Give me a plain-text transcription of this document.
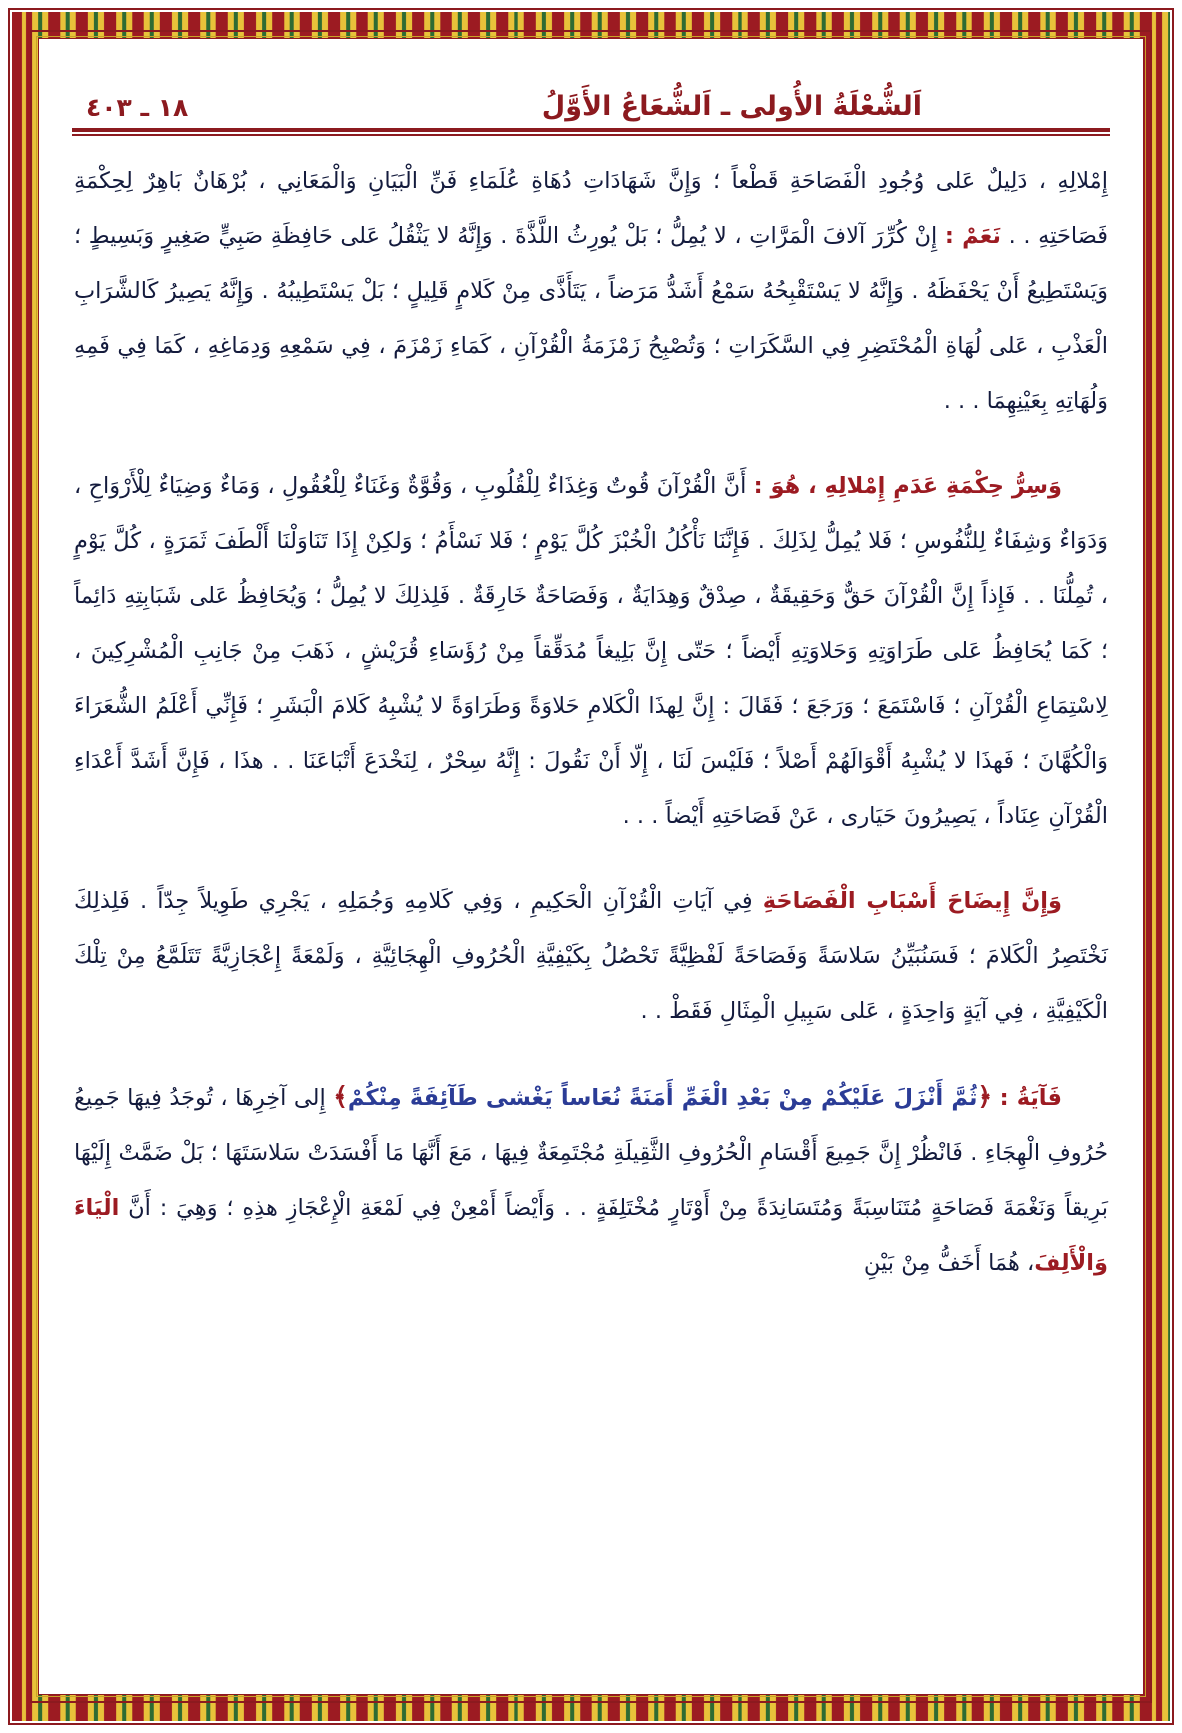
اَلشُّعْلَةُ الأُولى ـ اَلشُّعَاعُ الأَوَّلُ
١٨ ـ ٤٠٣

إِمْلالِهِ ، دَلِيلٌ عَلى وُجُودِ الْفَصَاحَةِ قَطْعاً ؛ وَإِنَّ شَهَادَاتِ دُهَاةِ عُلَمَاءِ فَنِّ الْبَيَانِ وَالْمَعَانِي ، بُرْهَانٌ بَاهِرٌ لِحِكْمَةِ فَصَاحَتِهِ . . نَعَمْ : إِنْ كُرِّرَ آلافَ الْمَرَّاتِ ، لا يُمِلُّ ؛ بَلْ يُورِثُ اللَّذَّةَ . وَإِنَّهُ لا يَثْقُلُ عَلى حَافِظَةِ صَبِيٍّ صَغِيرٍ وَبَسِيطٍ ؛ وَيَسْتَطِيعُ أَنْ يَحْفَظَهُ . وَإِنَّهُ لا يَسْتَقْبِحُهُ سَمْعُ أَشَدُّ مَرَضاً ، يَتَأَذَّى مِنْ كَلامٍ قَلِيلٍ ؛ بَلْ يَسْتَطِيبُهُ . وَإِنَّهُ يَصِيرُ كَالشَّرَابِ الْعَذْبِ ، عَلى لُهَاةِ الْمُحْتَضِرِ فِي السَّكَرَاتِ ؛ وَتُصْبِحُ زَمْزَمَةُ الْقُرْآنِ ، كَمَاءِ زَمْزَمَ ، فِي سَمْعِهِ وَدِمَاغِهِ ، كَمَا فِي فَمِهِ وَلُهَاتِهِ بِعَيْنِهِمَا . . .

وَسِرُّ حِكْمَةِ عَدَمِ إِمْلالِهِ ، هُوَ : أَنَّ الْقُرْآنَ قُوتٌ وَغِذَاءٌ لِلْقُلُوبِ ، وَقُوَّةٌ وَغَنَاءٌ لِلْعُقُولِ ، وَمَاءٌ وَضِيَاءٌ لِلْأَرْوَاحِ ، وَدَوَاءٌ وَشِفَاءٌ لِلنُّفُوسِ ؛ فَلا يُمِلُّ لِذَلِكَ . فَإِنَّنَا نَأْكُلُ الْخُبْزَ كُلَّ يَوْمٍ ؛ فَلا نَسْأَمُ ؛ وَلكِنْ إِذَا تَنَاوَلْنَا أَلْطَفَ ثَمَرَةٍ ، كُلَّ يَوْمٍ ، تُمِلُّنَا . . فَإِذاً إِنَّ الْقُرْآنَ حَقٌّ وَحَقِيقَةٌ ، صِدْقٌ وَهِدَايَةٌ ، وَفَصَاحَةٌ خَارِقَةٌ . فَلِذلِكَ لا يُمِلُّ ؛ وَيُحَافِظُ عَلى شَبَابِتِهِ دَائِماً ؛ كَمَا يُحَافِظُ عَلى طَرَاوَتِهِ وَحَلاوَتِهِ أَيْضاً ؛ حَتّى إِنَّ بَلِيغاً مُدَقِّقاً مِنْ رُؤَسَاءِ قُرَيْشٍ ، ذَهَبَ مِنْ جَانِبِ الْمُشْرِكِينَ ، لِاسْتِمَاعِ الْقُرْآنِ ؛ فَاسْتَمَعَ ؛ وَرَجَعَ ؛ فَقَالَ : إِنَّ لِهذَا الْكَلامِ حَلاوَةً وَطَرَاوَةً لا يُشْبِهُ كَلامَ الْبَشَرِ ؛ فَإِنِّي أَعْلَمُ الشُّعَرَاءَ وَالْكُهَّانَ ؛ فَهذَا لا يُشْبِهُ أَقْوَالَهُمْ أَصْلاً ؛ فَلَيْسَ لَنَا ، إِلّا أَنْ نَقُولَ : إِنَّهُ سِحْرٌ ، لِنَخْدَعَ أَتْبَاعَنَا . . هذَا ، فَإِنَّ أَشَدَّ أَعْدَاءِ الْقُرْآنِ عِنَاداً ، يَصِيرُونَ حَيَارى ، عَنْ فَصَاحَتِهِ أَيْضاً . . .

وَإِنَّ إِيضَاحَ أَسْبَابِ الْفَصَاحَةِ فِي آيَاتِ الْقُرْآنِ الْحَكِيمِ ، وَفِي كَلامِهِ وَجُمَلِهِ ، يَجْرِي طَوِيلاً جِدّاً . فَلِذلِكَ نَخْتَصِرُ الْكَلامَ ؛ فَسَنُبَيِّنُ سَلاسَةً وَفَصَاحَةً لَفْظِيَّةً تَحْصُلُ بِكَيْفِيَّةِ الْحُرُوفِ الْهِجَائِيَّةِ ، وَلَمْعَةً إِعْجَازِيَّةً تَتَلَمَّعُ مِنْ تِلْكَ الْكَيْفِيَّةِ ، فِي آيَةٍ وَاحِدَةٍ ، عَلى سَبِيلِ الْمِثَالِ فَقَطْ . .

فَآيَةُ : ﴿ثُمَّ أَنْزَلَ عَلَيْكُمْ مِنْ بَعْدِ الْغَمِّ أَمَنَةً نُعَاساً يَغْشى طَآئِفَةً مِنْكُمْ﴾ إِلى آخِرِهَا ، تُوجَدُ فِيهَا جَمِيعُ حُرُوفِ الْهِجَاءِ . فَانْظُرْ إِنَّ جَمِيعَ أَقْسَامِ الْحُرُوفِ الثَّقِيلَةِ مُجْتَمِعَةٌ فِيهَا ، مَعَ أَنَّهَا مَا أَفْسَدَتْ سَلاسَتَهَا ؛ بَلْ ضَمَّتْ إِلَيْهَا بَرِيقاً وَنَغْمَةَ فَصَاحَةٍ مُتَنَاسِبَةً وَمُتَسَانِدَةً مِنْ أَوْتَارٍ مُخْتَلِفَةٍ . . وَأَيْضاً أَمْعِنْ فِي لَمْعَةِ الْإِعْجَازِ هذِهِ ؛ وَهِيَ : أَنَّ الْيَاءَ وَالْأَلِفَ، هُمَا أَخَفُّ مِنْ بَيْنِ
